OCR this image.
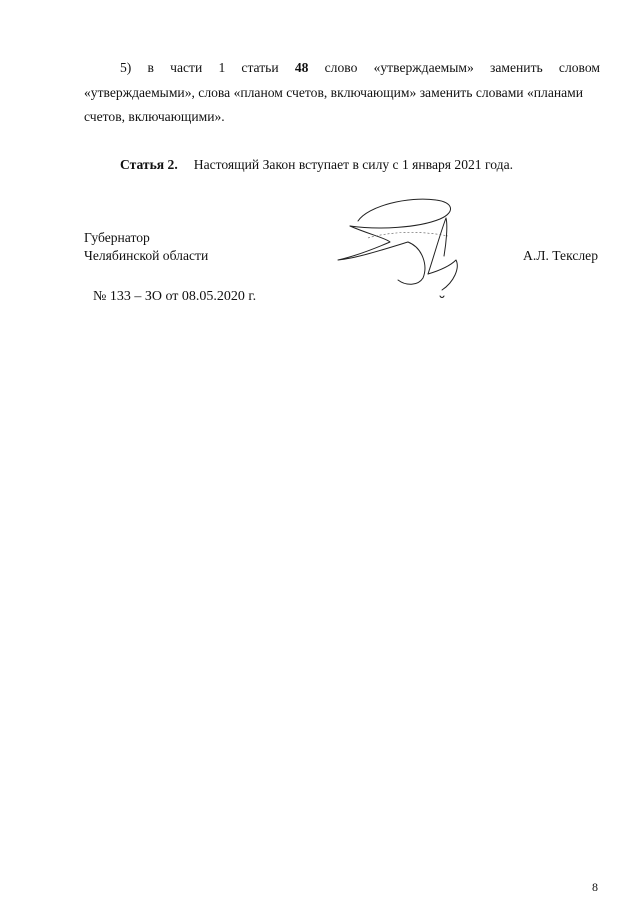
5) в части 1 статьи 48 слово «утверждаемым» заменить словом
«утверждаемыми», слова «планом счетов, включающим» заменить словами «планами
счетов, включающими».
Статья 2. Настоящий Закон вступает в силу с 1 января 2021 года.
Губернатор
Челябинской области	А.Л. Текслер
№ 133 – ЗО от 08.05.2020 г.
8
